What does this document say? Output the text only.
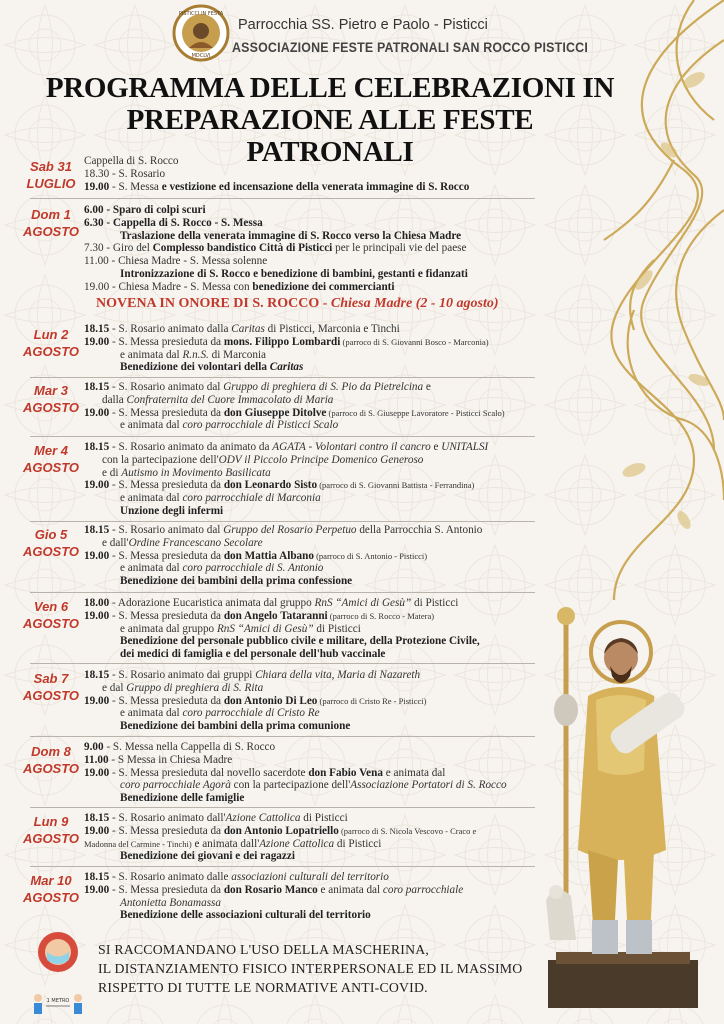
PISTICCI IN FESTA
MDCLVI
Parrocchia SS. Pietro e Paolo - Pisticci
ASSOCIAZIONE FESTE PATRONALI SAN ROCCO PISTICCI
PROGRAMMA DELLE CELEBRAZIONI IN
PREPARAZIONE ALLE FESTE PATRONALI
Sab 31
LUGLIO
Cappella di S. Rocco
18.30 - S. Rosario
19.00 - S. Messa e vestizione ed incensazione della venerata immagine di S. Rocco
Dom 1
AGOSTO
6.00 - Sparo di colpi scuri
6.30 - Cappella di S. Rocco - S. Messa
Traslazione della venerata immagine di S. Rocco verso la Chiesa Madre
7.30 - Giro del Complesso bandistico Città di Pisticci per le principali vie del paese
11.00 - Chiesa Madre - S. Messa solenne
Intronizzazione di S. Rocco e benedizione di bambini, gestanti e fidanzati
19.00 - Chiesa Madre - S. Messa con benedizione dei commercianti
NOVENA IN ONORE DI S. ROCCO - Chiesa Madre (2 - 10 agosto)
Lun 2
AGOSTO
18.15 - S. Rosario animato dalla Caritas di Pisticci, Marconia e Tinchi
19.00 - S. Messa presieduta da mons. Filippo Lombardi (parroco di S. Giovanni Bosco - Marconia)
e animata dal R.n.S. di Marconia
Benedizione dei volontari della Caritas
Mar 3
AGOSTO
18.15 - S. Rosario animato dal Gruppo di preghiera di S. Pio da Pietrelcina e
dalla Confraternita del Cuore Immacolato di Maria
19.00 - S. Messa presieduta da don Giuseppe Ditolve (parroco di S. Giuseppe Lavoratore - Pisticci Scalo)
e animata dal coro parrocchiale di Pisticci Scalo
Mer 4
AGOSTO
18.15 - S. Rosario animato da animato da AGATA - Volontari contro il cancro e UNITALSI
con la partecipazione dell'ODV il Piccolo Principe Domenico Generoso
e di Autismo in Movimento Basilicata
19.00 - S. Messa presieduta da don Leonardo Sisto (parroco di S. Giovanni Battista - Ferrandina)
e animata dal coro parrocchiale di Marconia
Unzione degli infermi
Gio 5
AGOSTO
18.15 - S. Rosario animato dal Gruppo del Rosario Perpetuo della Parrocchia S. Antonio
e dall'Ordine Francescano Secolare
19.00 - S. Messa presieduta da don Mattia Albano (parroco di S. Antonio - Pisticci)
e animata dal coro parrocchiale di S. Antonio
Benedizione dei bambini della prima confessione
Ven 6
AGOSTO
18.00 - Adorazione Eucaristica animata dal gruppo RnS “Amici di Gesù” di Pisticci
19.00 - S. Messa presieduta da don Angelo Tataranni (parroco di S. Rocco - Matera)
e animata dal gruppo RnS “Amici di Gesù” di Pisticci
Benedizione del personale pubblico civile e militare, della Protezione Civile,
dei medici di famiglia e del personale dell'hub vaccinale
Sab 7
AGOSTO
18.15 - S. Rosario animato dai gruppi Chiara della vita, Maria di Nazareth
e dal Gruppo di preghiera di S. Rita
19.00 - S. Messa presieduta da don Antonio Di Leo (parroco di Cristo Re - Pisticci)
e animata dal coro parrocchiale di Cristo Re
Benedizione dei bambini della prima comunione
Dom 8
AGOSTO
9.00 - S. Messa nella Cappella di S. Rocco
11.00 - S Messa in Chiesa Madre
19.00 - S. Messa presieduta dal novello sacerdote don Fabio Vena e animata dal
coro parrocchiale Agorà con la partecipazione dell'Associazione Portatori di S. Rocco
Benedizione delle famiglie
Lun 9
AGOSTO
18.15 - S. Rosario animato dall'Azione Cattolica di Pisticci
19.00 - S. Messa presieduta da don Antonio Lopatriello (parroco di S. Nicola Vescovo - Craco e
Madonna del Carmine - Tinchi) e animata dall'Azione Cattolica di Pisticci
Benedizione dei giovani e dei ragazzi
Mar 10
AGOSTO
18.15 - S. Rosario animato dalle associazioni culturali del territorio
19.00 - S. Messa presieduta da don Rosario Manco e animata dal coro parrocchiale
Antonietta Bonamassa
Benedizione delle associazioni culturali del territorio
1 METRO
SI RACCOMANDANO L'USO DELLA MASCHERINA,
IL DISTANZIAMENTO FISICO INTERPERSONALE ED IL MASSIMO
RISPETTO DI TUTTE LE NORMATIVE ANTI-COVID.
